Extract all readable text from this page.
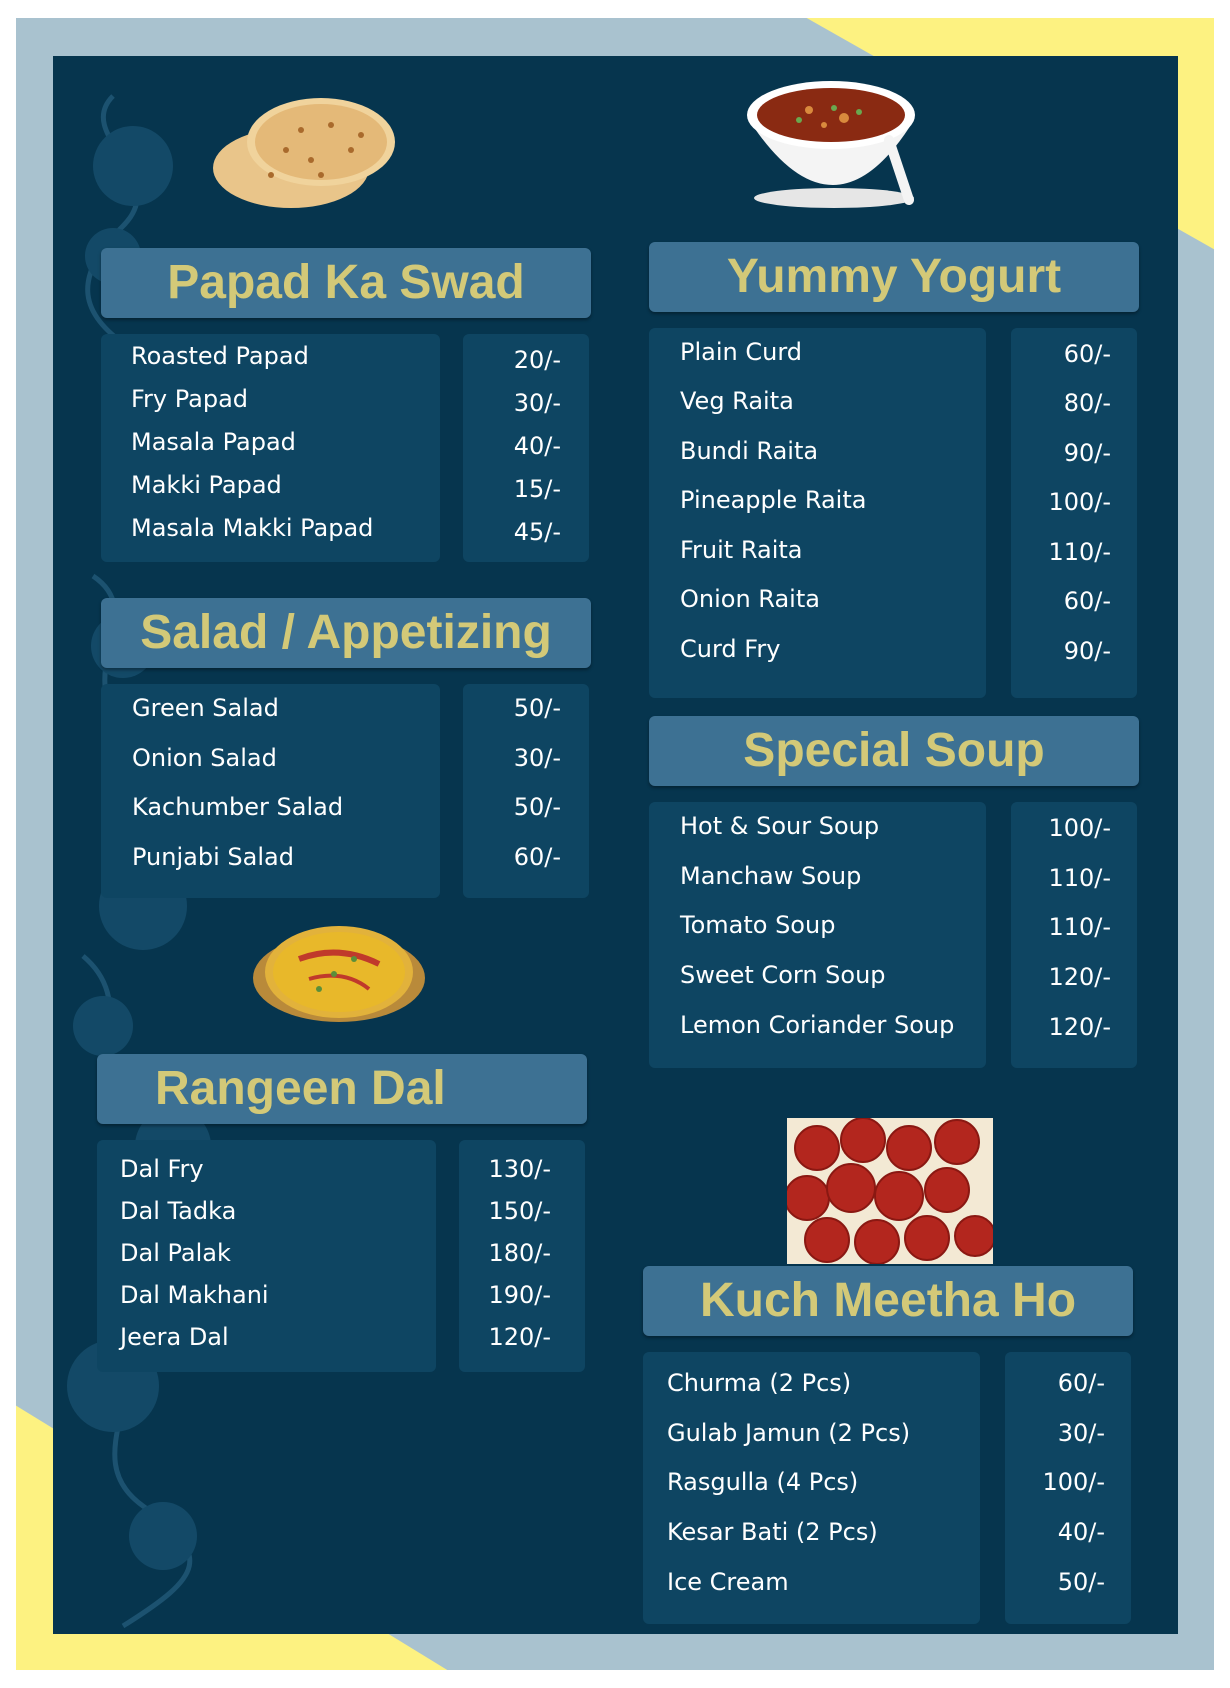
Papad Ka Swad
Salad / Appetizing
Rangeen Dal
Yummy Yogurt
Special Soup
Kuch Meetha Ho
Roasted Papad	20/-
Fry Papad	30/-
Masala Papad	40/-
Makki Papad	15/-
Masala Makki Papad	45/-
Green Salad	50/-
Onion Salad	30/-
Kachumber Salad	50/-
Punjabi Salad	60/-
Dal Fry	130/-
Dal Tadka	150/-
Dal Palak	180/-
Dal Makhani	190/-
Jeera Dal	120/-
Plain Curd	60/-
Veg Raita	80/-
Bundi Raita	90/-
Pineapple Raita	100/-
Fruit Raita	110/-
Onion Raita	60/-
Curd Fry	90/-
Hot & Sour Soup	100/-
Manchaw Soup	110/-
Tomato Soup	110/-
Sweet Corn Soup	120/-
Lemon Coriander Soup	120/-
Churma (2 Pcs)	60/-
Gulab Jamun (2 Pcs)	30/-
Rasgulla (4 Pcs)	100/-
Kesar Bati (2 Pcs)	40/-
Ice Cream	50/-
